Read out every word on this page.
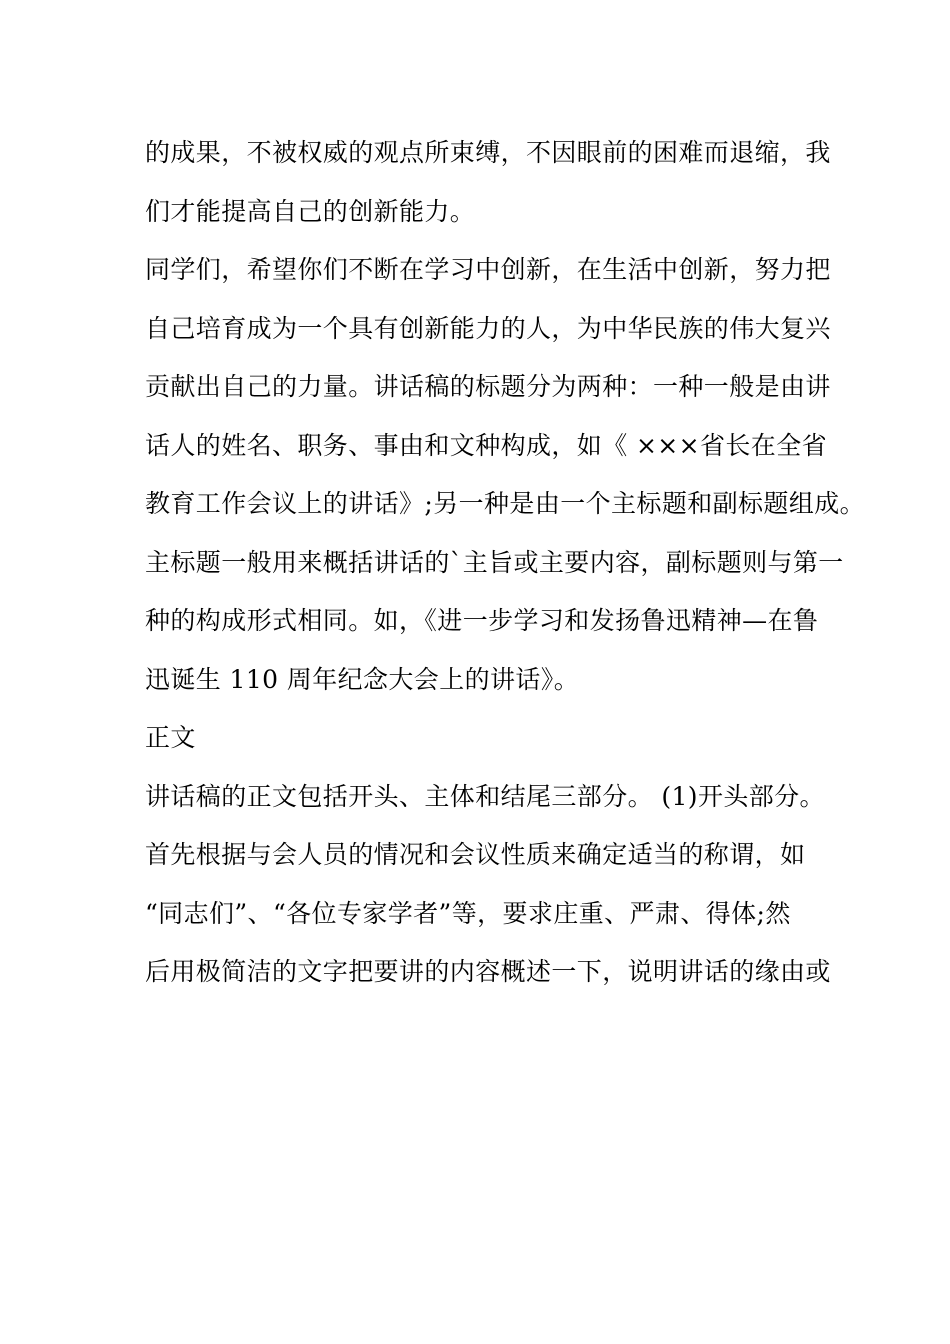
的成果，不被权威的观点所束缚，不因眼前的困难而退缩，我
们才能提高自己的创新能力。
同学们，希望你们不断在学习中创新，在生活中创新，努力把
自己培育成为一个具有创新能力的人，为中华民族的伟大复兴
贡献出自己的力量。讲话稿的标题分为两种：一种一般是由讲
话人的姓名、职务、事由和文种构成，如《 ×××省长在全省
教育工作会议上的讲话》;另一种是由一个主标题和副标题组成。
主标题一般用来概括讲话的`主旨或主要内容，副标题则与第一
种的构成形式相同。如，《进一步学习和发扬鲁迅精神—在鲁
迅诞生 110 周年纪念大会上的讲话》。
正文
讲话稿的正文包括开头、主体和结尾三部分。 (1)开头部分。
首先根据与会人员的情况和会议性质来确定适当的称谓，如
“同志们”、“各位专家学者”等，要求庄重、严肃、得体;然
后用极简洁的文字把要讲的内容概述一下，说明讲话的缘由或
